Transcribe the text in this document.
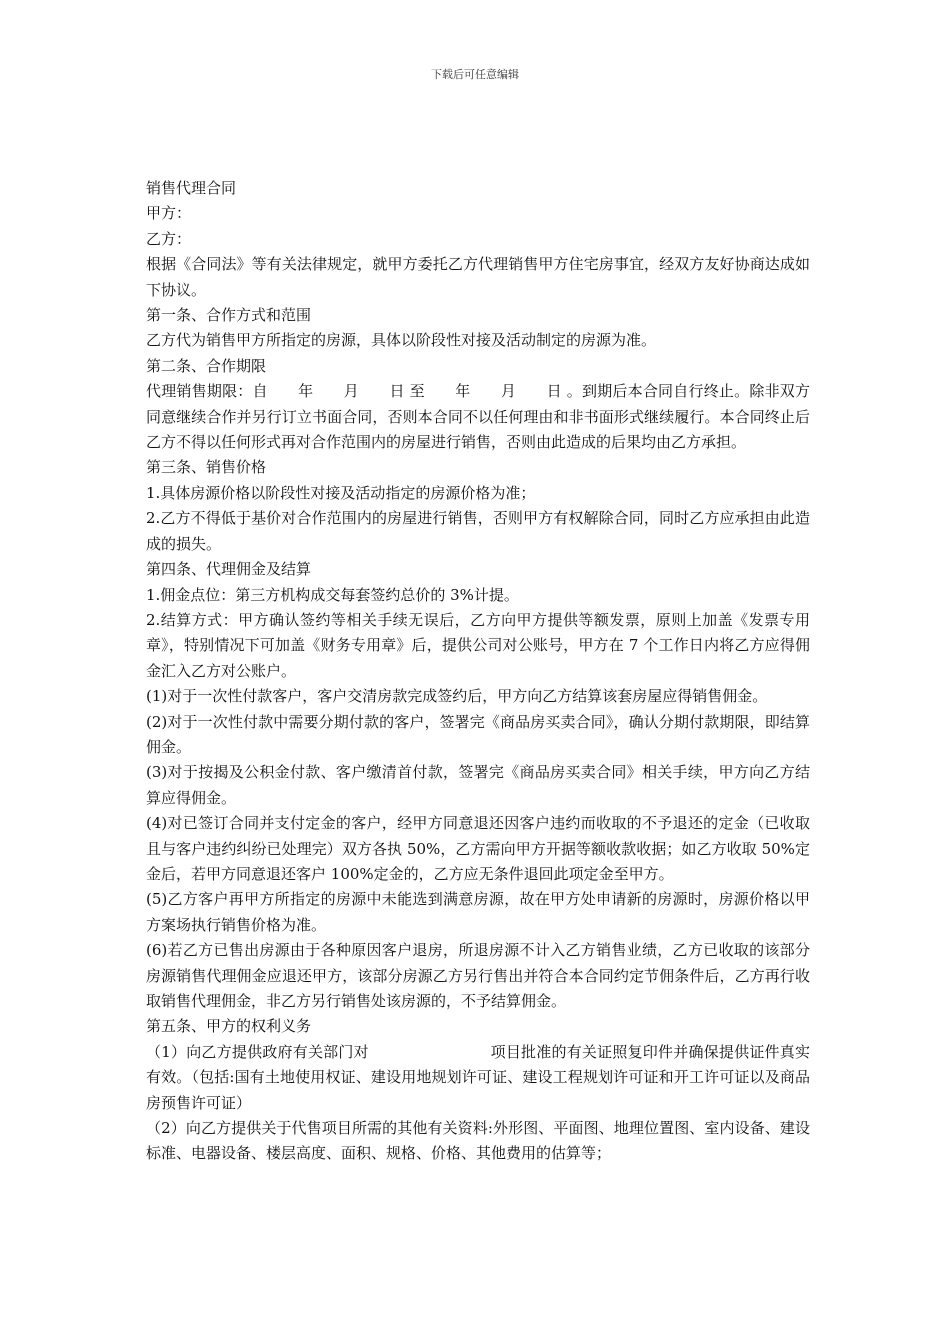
下载后可任意编辑

销售代理合同

甲方：

乙方：

根据《合同法》等有关法律规定，就甲方委托乙方代理销售甲方住宅房事宜，经双方友好协商达成如下协议。

第一条、合作方式和范围

乙方代为销售甲方所指定的房源，具体以阶段性对接及活动制定的房源为准。

第二条、合作期限

代理销售期限：自　　年　　月　　日 至　　年　　月　　日 。到期后本合同自行终止。除非双方同意继续合作并另行订立书面合同，否则本合同不以任何理由和非书面形式继续履行。本合同终止后乙方不得以任何形式再对合作范围内的房屋进行销售，否则由此造成的后果均由乙方承担。

第三条、销售价格

1.具体房源价格以阶段性对接及活动指定的房源价格为准；

2.乙方不得低于基价对合作范围内的房屋进行销售，否则甲方有权解除合同，同时乙方应承担由此造成的损失。

第四条、代理佣金及结算

1.佣金点位：第三方机构成交每套签约总价的 3%计提。

2.结算方式：甲方确认签约等相关手续无误后，乙方向甲方提供等额发票，原则上加盖《发票专用章》，特别情况下可加盖《财务专用章》后，提供公司对公账号，甲方在 7 个工作日内将乙方应得佣金汇入乙方对公账户。

(1)对于一次性付款客户，客户交清房款完成签约后，甲方向乙方结算该套房屋应得销售佣金。

(2)对于一次性付款中需要分期付款的客户，签署完《商品房买卖合同》，确认分期付款期限，即结算佣金。

(3)对于按揭及公积金付款、客户缴清首付款，签署完《商品房买卖合同》相关手续，甲方向乙方结算应得佣金。

(4)对已签订合同并支付定金的客户，经甲方同意退还因客户违约而收取的不予退还的定金（已收取且与客户违约纠纷已处理完）双方各执 50%，乙方需向甲方开据等额收款收据；如乙方收取 50%定金后，若甲方同意退还客户 100%定金的，乙方应无条件退回此项定金至甲方。

(5)乙方客户再甲方所指定的房源中未能选到满意房源，故在甲方处申请新的房源时，房源价格以甲方案场执行销售价格为准。

(6)若乙方已售出房源由于各种原因客户退房，所退房源不计入乙方销售业绩，乙方已收取的该部分房源销售代理佣金应退还甲方，该部分房源乙方另行售出并符合本合同约定节佣条件后，乙方再行收取销售代理佣金，非乙方另行销售处该房源的，不予结算佣金。

第五条、甲方的权利义务

（1）向乙方提供政府有关部门对　　　　　　　　项目批准的有关证照复印件并确保提供证件真实有效。（包括:国有土地使用权证、建设用地规划许可证、建设工程规划许可证和开工许可证以及商品房预售许可证）

（2）向乙方提供关于代售项目所需的其他有关资料:外形图、平面图、地理位置图、室内设备、建设标准、电器设备、楼层高度、面积、规格、价格、其他费用的估算等；
